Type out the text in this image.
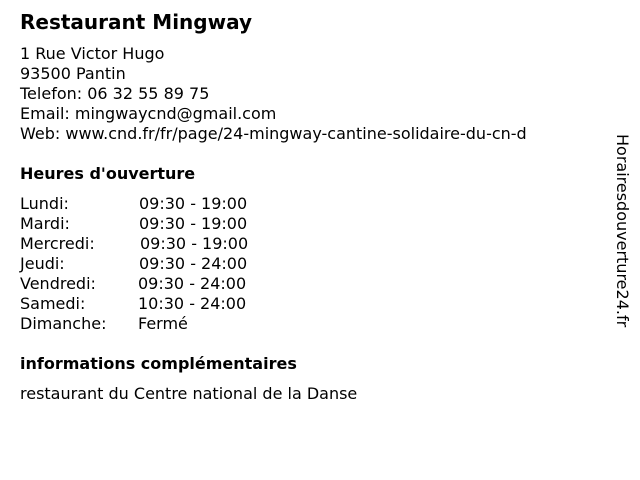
Restaurant Mingway
1 Rue Victor Hugo
93500 Pantin
Telefon: 06 32 55 89 75
Email: mingwaycnd@gmail.com
Web: www.cnd.fr/fr/page/24-mingway-cantine-solidaire-du-cn-d
Heures d'ouverture
Lundi:	09:30 - 19:00
Mardi:	09:30 - 19:00
Mercredi:	09:30 - 19:00
Jeudi:	09:30 - 24:00
Vendredi:	09:30 - 24:00
Samedi:	10:30 - 24:00
Dimanche: Fermé
informations complémentaires
restaurant du Centre national de la Danse
Horairesdouverture24.fr
